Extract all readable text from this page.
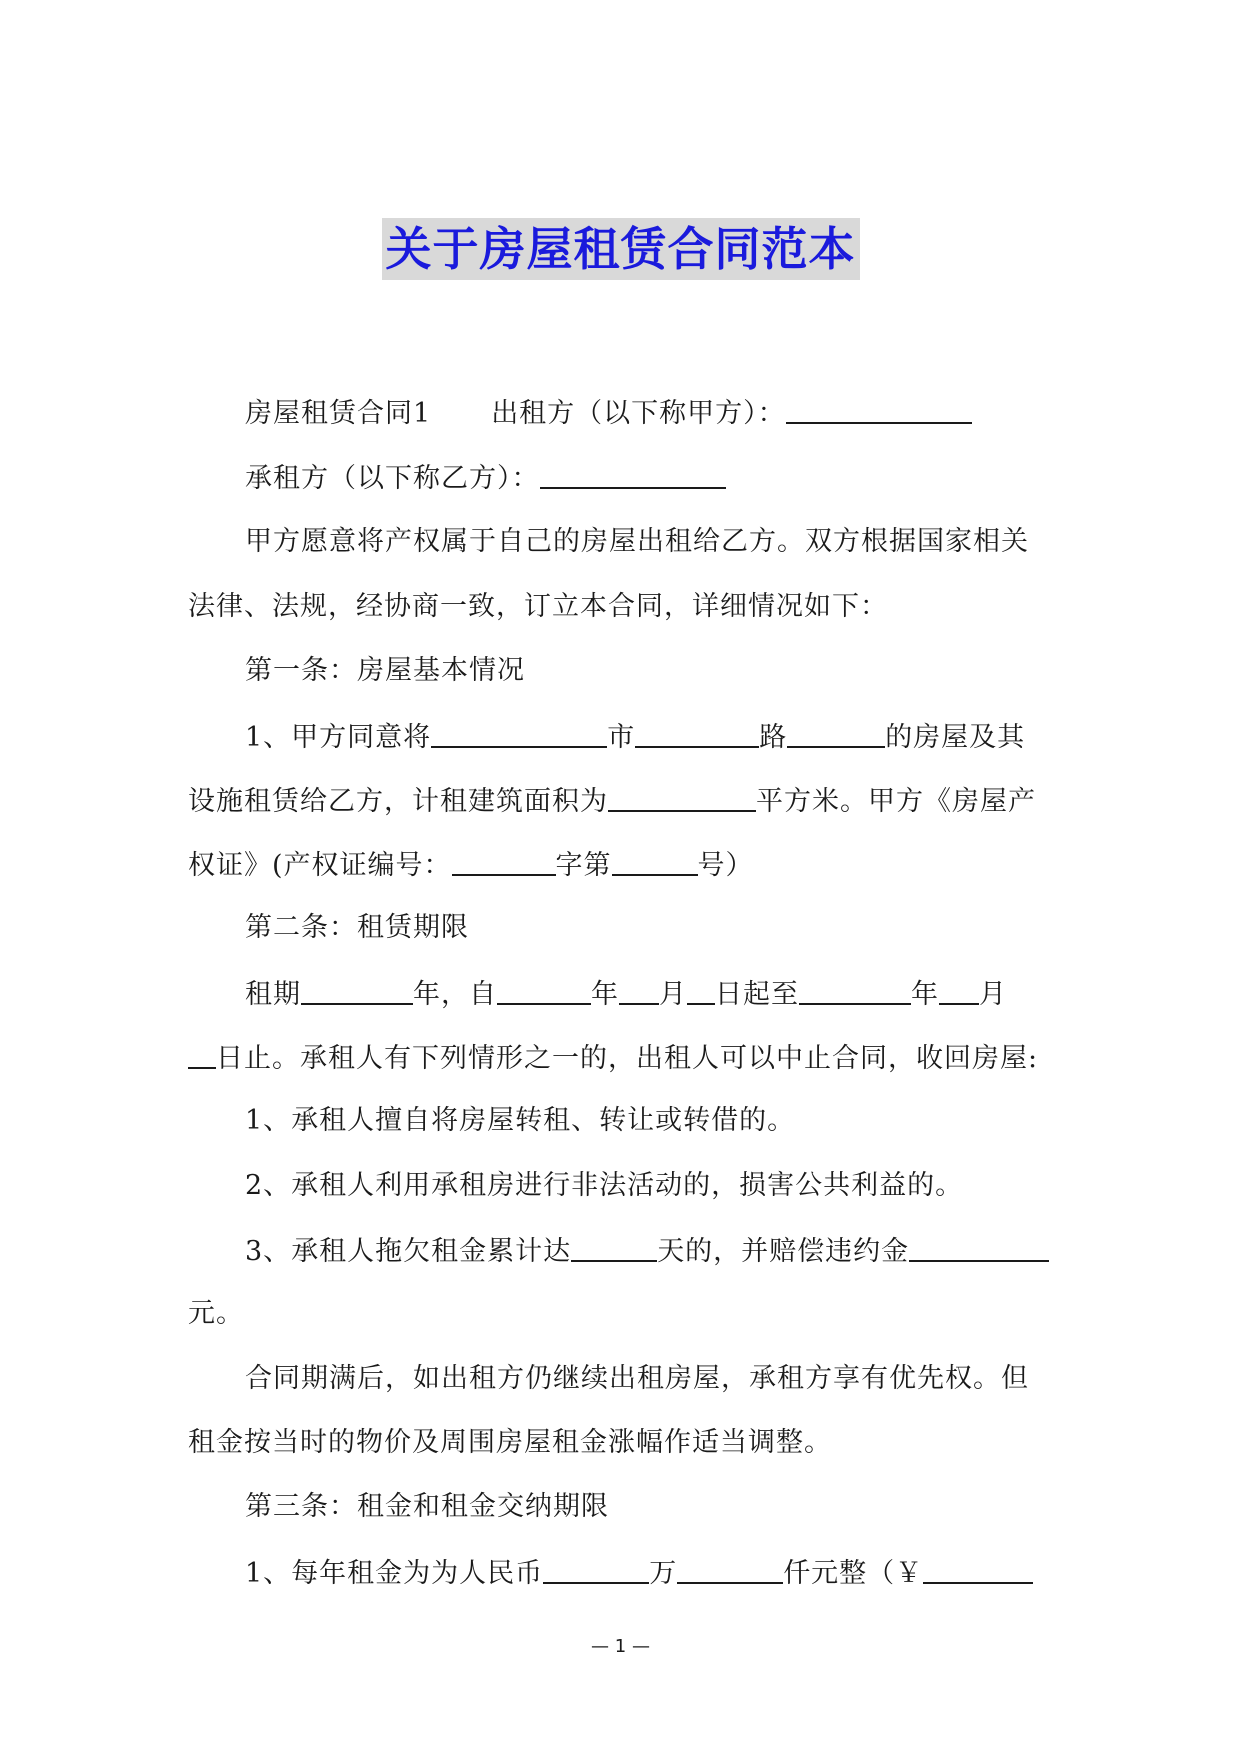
关于房屋租赁合同范本
房屋租赁合同1 出租方（以下称甲方）：
承租方（以下称乙方）：
甲方愿意将产权属于自己的房屋出租给乙方。双方根据国家相关
法律、法规，经协商一致，订立本合同，详细情况如下：
第一条：房屋基本情况
1、甲方同意将	市	路	的房屋及其
设施租赁给乙方，计租建筑面积为	平方米。甲方《房屋产
权证》(产权证编号：	字第	号）
第二条：租赁期限
租期	年，自	年 月 日起至	年 月
日止。承租人有下列情形之一的，出租人可以中止合同，收回房屋:
1、承租人擅自将房屋转租、转让或转借的。
2、承租人利用承租房进行非法活动的，损害公共利益的。
3、承租人拖欠租金累计达	天的，并赔偿违约金
元。
合同期满后，如出租方仍继续出租房屋，承租方享有优先权。但
租金按当时的物价及周围房屋租金涨幅作适当调整。
第三条：租金和租金交纳期限
1、每年租金为为人民币	万	仟元整（￥
— 1 —
